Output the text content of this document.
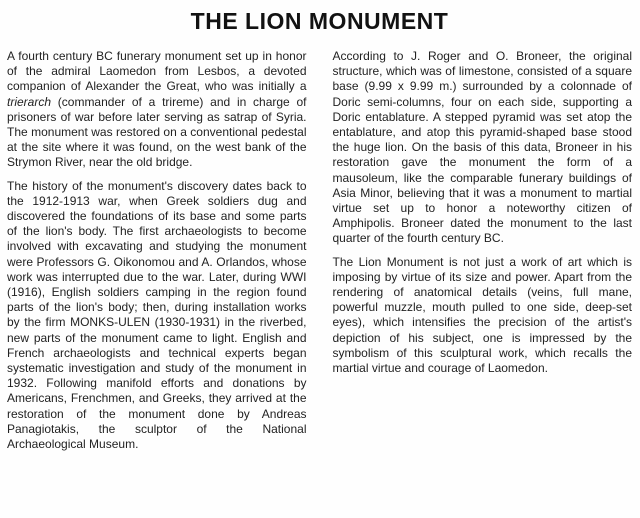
THE LION MONUMENT

A fourth century BC funerary monument set up in honor of the admiral Laomedon from Lesbos, a devoted companion of Alexander the Great, who was initially a trierarch (commander of a trireme) and in charge of prisoners of war before later serving as satrap of Syria. The monument was restored on a conventional pedestal at the site where it was found, on the west bank of the Strymon River, near the old bridge.

The history of the monument's discovery dates back to the 1912-1913 war, when Greek soldiers dug and discovered the foundations of its base and some parts of the lion's body. The first archaeologists to become involved with excavating and studying the monument were Professors G. Oikonomou and A. Orlandos, whose work was interrupted due to the war. Later, during WWI (1916), English soldiers camping in the region found parts of the lion's body; then, during installation works by the firm MONKS-ULEN (1930-1931) in the riverbed, new parts of the monument came to light. English and French archaeologists and technical experts began systematic investigation and study of the monument in 1932. Following manifold efforts and donations by Americans, Frenchmen, and Greeks, they arrived at the restoration of the monument done by Andreas Panagiotakis, the sculptor of the National Archaeological Museum.

According to J. Roger and O. Broneer, the original structure, which was of limestone, consisted of a square base (9.99 x 9.99 m.) surrounded by a colonnade of Doric semi-columns, four on each side, supporting a Doric entablature. A stepped pyramid was set atop the entablature, and atop this pyramid-shaped base stood the huge lion. On the basis of this data, Broneer in his restoration gave the monument the form of a mausoleum, like the comparable funerary buildings of Asia Minor, believing that it was a monument to martial virtue set up to honor a noteworthy citizen of Amphipolis. Broneer dated the monument to the last quarter of the fourth century BC.

The Lion Monument is not just a work of art which is imposing by virtue of its size and power. Apart from the rendering of anatomical details (veins, full mane, powerful muzzle, mouth pulled to one side, deep-set eyes), which intensifies the precision of the artist's depiction of his subject, one is impressed by the symbolism of this sculptural work, which recalls the martial virtue and courage of Laomedon.
